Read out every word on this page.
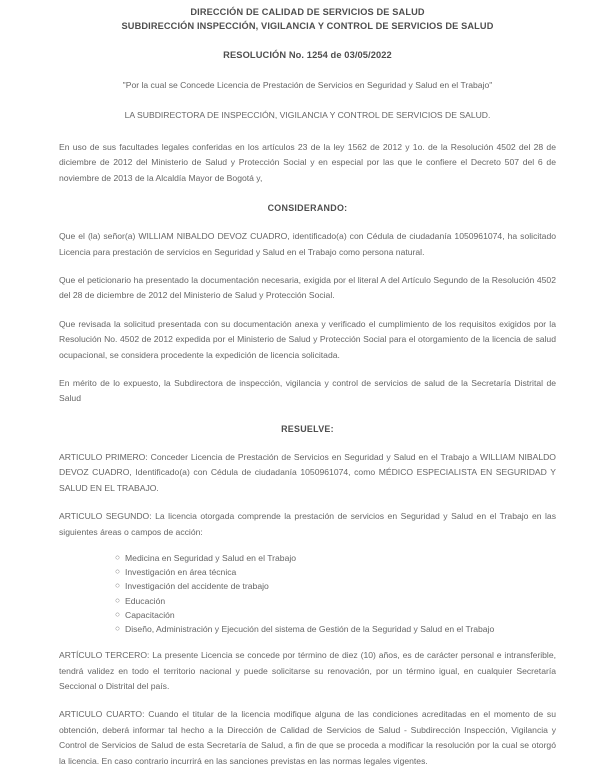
DIRECCIÓN DE CALIDAD DE SERVICIOS DE SALUD
SUBDIRECCIÓN INSPECCIÓN, VIGILANCIA Y CONTROL DE SERVICIOS DE SALUD
RESOLUCIÓN No. 1254 de 03/05/2022
"Por la cual se Concede Licencia de Prestación de Servicios en Seguridad y Salud en el Trabajo"
LA SUBDIRECTORA DE INSPECCIÓN, VIGILANCIA Y CONTROL DE SERVICIOS DE SALUD.

En uso de sus facultades legales conferidas en los artículos 23 de la ley 1562 de 2012 y 1o. de la Resolución 4502 del 28 de diciembre de 2012 del Ministerio de Salud y Protección Social y en especial por las que le confiere el Decreto 507 del 6 de noviembre de 2013 de la Alcaldía Mayor de Bogotá y,

CONSIDERANDO:

Que el (la) señor(a) WILLIAM NIBALDO DEVOZ CUADRO, identificado(a) con Cédula de ciudadanía 1050961074, ha solicitado Licencia para prestación de servicios en Seguridad y Salud en el Trabajo como persona natural.

Que el peticionario ha presentado la documentación necesaria, exigida por el literal A del Artículo Segundo de la Resolución 4502 del 28 de diciembre de 2012 del Ministerio de Salud y Protección Social.

Que revisada la solicitud presentada con su documentación anexa y verificado el cumplimiento de los requisitos exigidos por la Resolución No. 4502 de 2012 expedida por el Ministerio de Salud y Protección Social para el otorgamiento de la licencia de salud ocupacional, se considera procedente la expedición de licencia solicitada.

En mérito de lo expuesto, la Subdirectora de inspección, vigilancia y control de servicios de salud de la Secretaría Distrital de Salud

RESUELVE:

ARTICULO PRIMERO: Conceder Licencia de Prestación de Servicios en Seguridad y Salud en el Trabajo a WILLIAM NIBALDO DEVOZ CUADRO, Identificado(a) con Cédula de ciudadanía 1050961074, como MÉDICO ESPECIALISTA EN SEGURIDAD Y SALUD EN EL TRABAJO.

ARTICULO SEGUNDO: La licencia otorgada comprende la prestación de servicios en Seguridad y Salud en el Trabajo en las siguientes áreas o campos de acción:

○ Medicina en Seguridad y Salud en el Trabajo
○ Investigación en área técnica
○ Investigación del accidente de trabajo
○ Educación
○ Capacitación
○ Diseño, Administración y Ejecución del sistema de Gestión de la Seguridad y Salud en el Trabajo

ARTÍCULO TERCERO: La presente Licencia se concede por término de diez (10) años, es de carácter personal e intransferible, tendrá validez en todo el territorio nacional y puede solicitarse su renovación, por un término igual, en cualquier Secretaría Seccional o Distrital del país.

ARTICULO CUARTO: Cuando el titular de la licencia modifique alguna de las condiciones acreditadas en el momento de su obtención, deberá informar tal hecho a la Dirección de Calidad de Servicios de Salud - Subdirección Inspección, Vigilancia y Control de Servicios de Salud de esta Secretaría de Salud, a fin de que se proceda a modificar la resolución por la cual se otorgó la licencia. En caso contrario incurrirá en las sanciones previstas en las normas legales vigentes.
